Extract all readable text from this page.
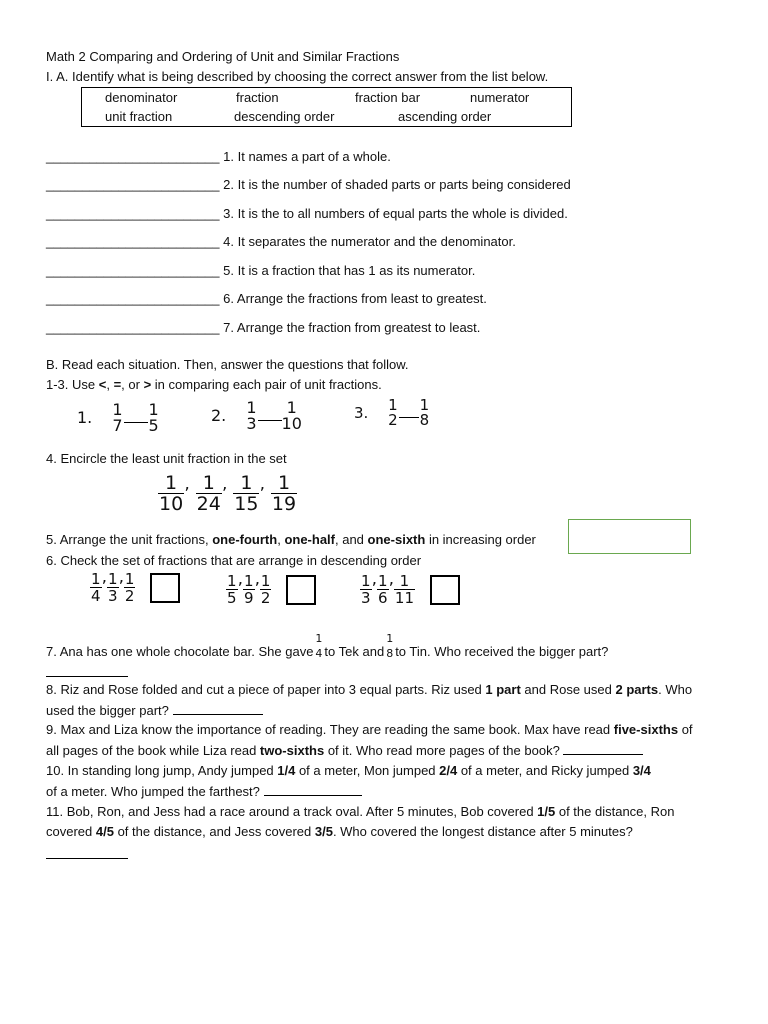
Math 2 Comparing and Ordering of Unit and Similar Fractions
I. A. Identify what is being described by choosing the correct answer from the list below.
denominator	fraction	fraction bar	numerator
unit fraction	descending order	ascending order
________________________ 1. It names a part of a whole.
________________________ 2. It is the number of shaded parts or parts being considered
________________________ 3. It is the to all numbers of equal parts the whole is divided.
________________________ 4. It separates the numerator and the denominator.
________________________ 5. It is a fraction that has 1 as its numerator.
________________________ 6. Arrange the fractions from least to greatest.
________________________ 7. Arrange the fraction from greatest to least.
B. Read each situation. Then, answer the questions that follow.
1-3. Use <, =, or > in comparing each pair of unit fractions.
1. 1
7
1
5
2. 1
3
1
10
3. 1
2
1
8
4. Encircle the least unit fraction in the set
$\frac{1}{10}$ ’ $\frac{1}{24}$ ’ $\frac{1}{15}$ ’ $\frac{1}{19}$
5. Arrange the unit fractions, one-fourth, one-half, and one-sixth in increasing order
6. Check the set of fractions that are arrange in descending order
$\frac{1}{4}$ ’ $\frac{1}{3}$ ’ $\frac{1}{2}$
	$\frac{1}{5}$ ’ $\frac{1}{9}$ ’ $\frac{1}{2}$
	$\frac{1}{3}$ ’ $\frac{1}{6}$ ’ $\frac{1}{11}$

7. Ana has one whole chocolate bar. She gave
1
4 to Tek and
1
8 to Tin. Who received the bigger part?
8. Riz and Rose folded and cut a piece of paper into 3 equal parts. Riz used 1 part and Rose used 2 parts. Who
used the bigger part?
9. Max and Liza know the importance of reading. They are reading the same book. Max have read five-sixths of
all pages of the book while Liza read two-sixths of it. Who read more pages of the book?
10. In standing long jump, Andy jumped 1/4 of a meter, Mon jumped 2/4 of a meter, and Ricky jumped 3/4
of a meter. Who jumped the farthest?
11. Bob, Ron, and Jess had a race around a track oval. After 5 minutes, Bob covered 1/5 of the distance, Ron
covered 4/5 of the distance, and Jess covered 3/5. Who covered the longest distance after 5 minutes?
